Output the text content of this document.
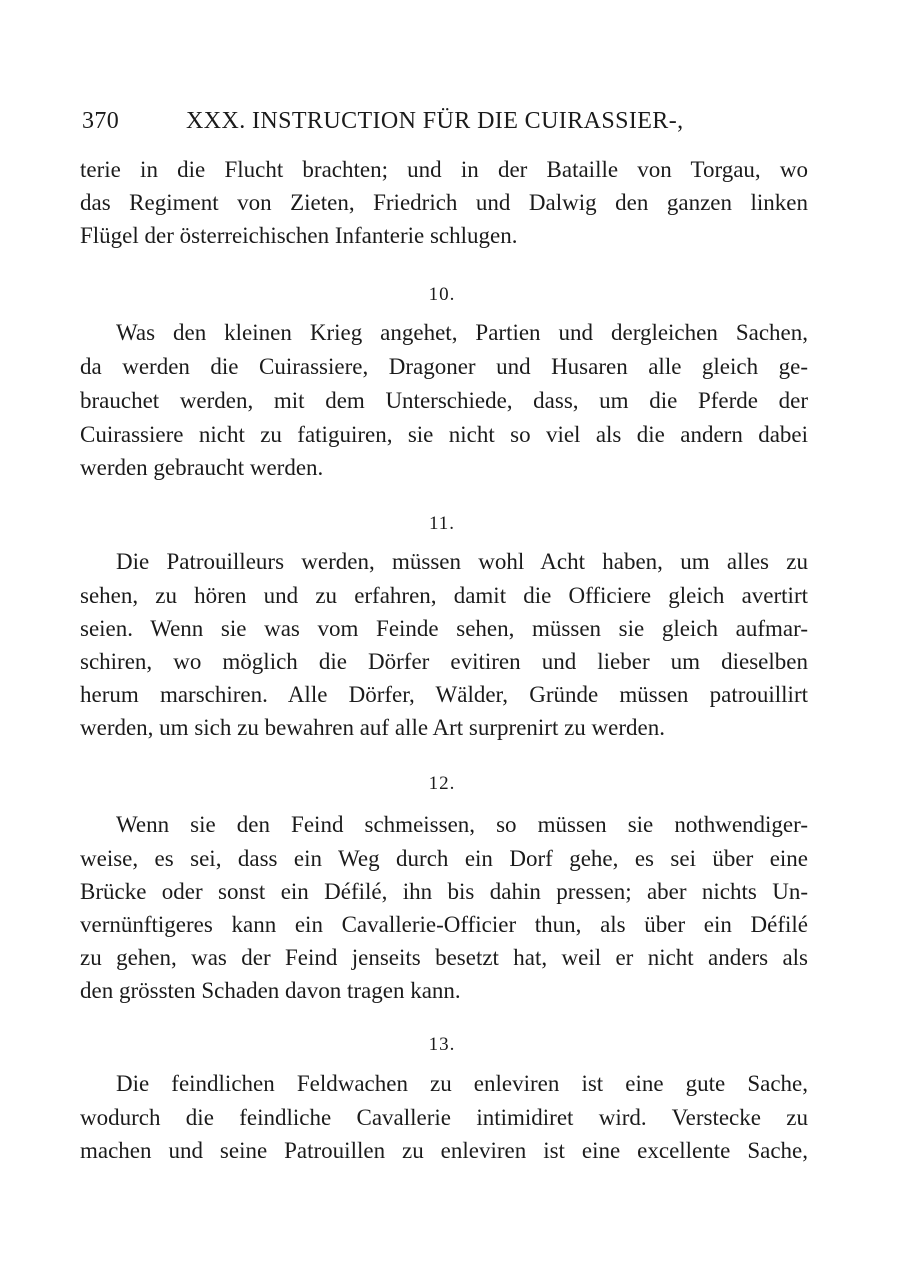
370	XXX. INSTRUCTION FÜR DIE CUIRASSIER-,
terie in die Flucht brachten; und in der Bataille von Torgau, wo
das Regiment von Zieten, Friedrich und Dalwig den ganzen linken
Flügel der österreichischen Infanterie schlugen.
10.
Was den kleinen Krieg angehet, Partien und dergleichen Sachen,
da werden die Cuirassiere, Dragoner und Husaren alle gleich ge-
brauchet werden, mit dem Unterschiede, dass, um die Pferde der
Cuirassiere nicht zu fatiguiren, sie nicht so viel als die andern dabei
werden gebraucht werden.
11.
Die Patrouilleurs werden, müssen wohl Acht haben, um alles zu
sehen, zu hören und zu erfahren, damit die Officiere gleich avertirt
seien. Wenn sie was vom Feinde sehen, müssen sie gleich aufmar-
schiren, wo möglich die Dörfer evitiren und lieber um dieselben
herum marschiren. Alle Dörfer, Wälder, Gründe müssen patrouillirt
werden, um sich zu bewahren auf alle Art surprenirt zu werden.
12.
Wenn sie den Feind schmeissen, so müssen sie nothwendiger-
weise, es sei, dass ein Weg durch ein Dorf gehe, es sei über eine
Brücke oder sonst ein Défilé, ihn bis dahin pressen; aber nichts Un-
vernünftigeres kann ein Cavallerie-Officier thun, als über ein Défilé
zu gehen, was der Feind jenseits besetzt hat, weil er nicht anders als
den grössten Schaden davon tragen kann.
13.
Die feindlichen Feldwachen zu enleviren ist eine gute Sache,
wodurch die feindliche Cavallerie intimidiret wird. Verstecke zu
machen und seine Patrouillen zu enleviren ist eine excellente Sache,
